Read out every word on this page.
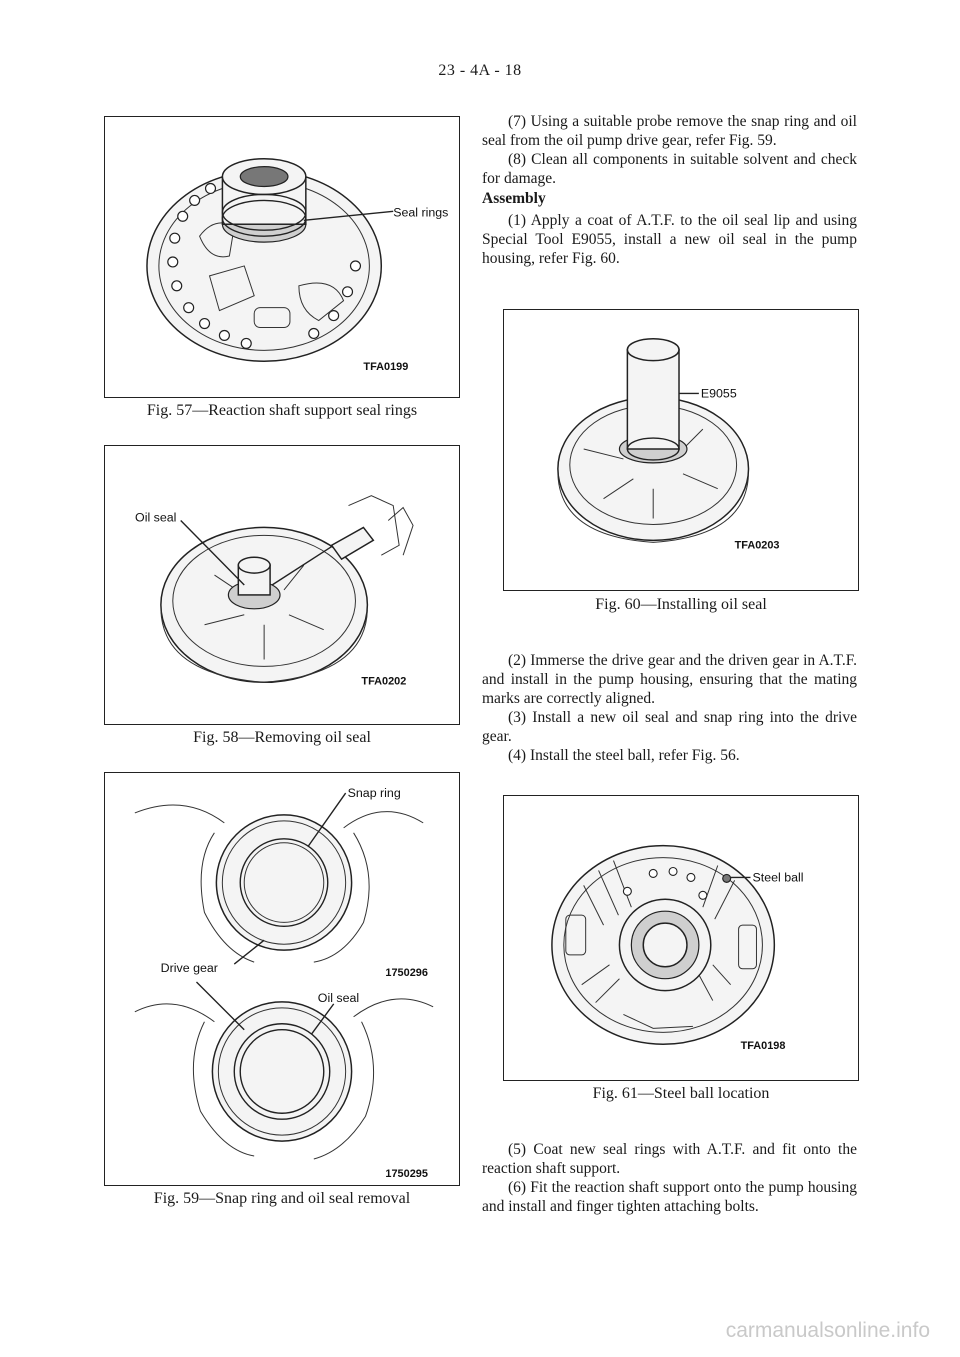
23 - 4A - 18
Seal rings
TFA0199
Fig. 57—Reaction shaft support seal rings
Oil seal
TFA0202
Fig. 58—Removing oil seal
Snap ring
Drive gear	1750296
Oil seal
1750295
Fig. 59—Snap ring and oil seal removal
(7) Using a suitable probe remove the snap ring and oil seal from the oil pump drive gear, refer Fig. 59.
(8) Clean all components in suitable solvent and check for damage.
Assembly
(1) Apply a coat of A.T.F. to the oil seal lip and using Special Tool E9055, install a new oil seal in the pump housing, refer Fig. 60.
E9055
TFA0203
Fig. 60—Installing oil seal
(2) Immerse the drive gear and the driven gear in A.T.F. and install in the pump housing, ensuring that the mating marks are correctly aligned.
(3) Install a new oil seal and snap ring into the drive gear.
(4) Install the steel ball, refer Fig. 56.
Steel ball
TFA0198
Fig. 61—Steel ball location
(5) Coat new seal rings with A.T.F. and fit onto the reaction shaft support.
(6) Fit the reaction shaft support onto the pump housing and install and finger tighten attaching bolts.
carmanualsonline.info
